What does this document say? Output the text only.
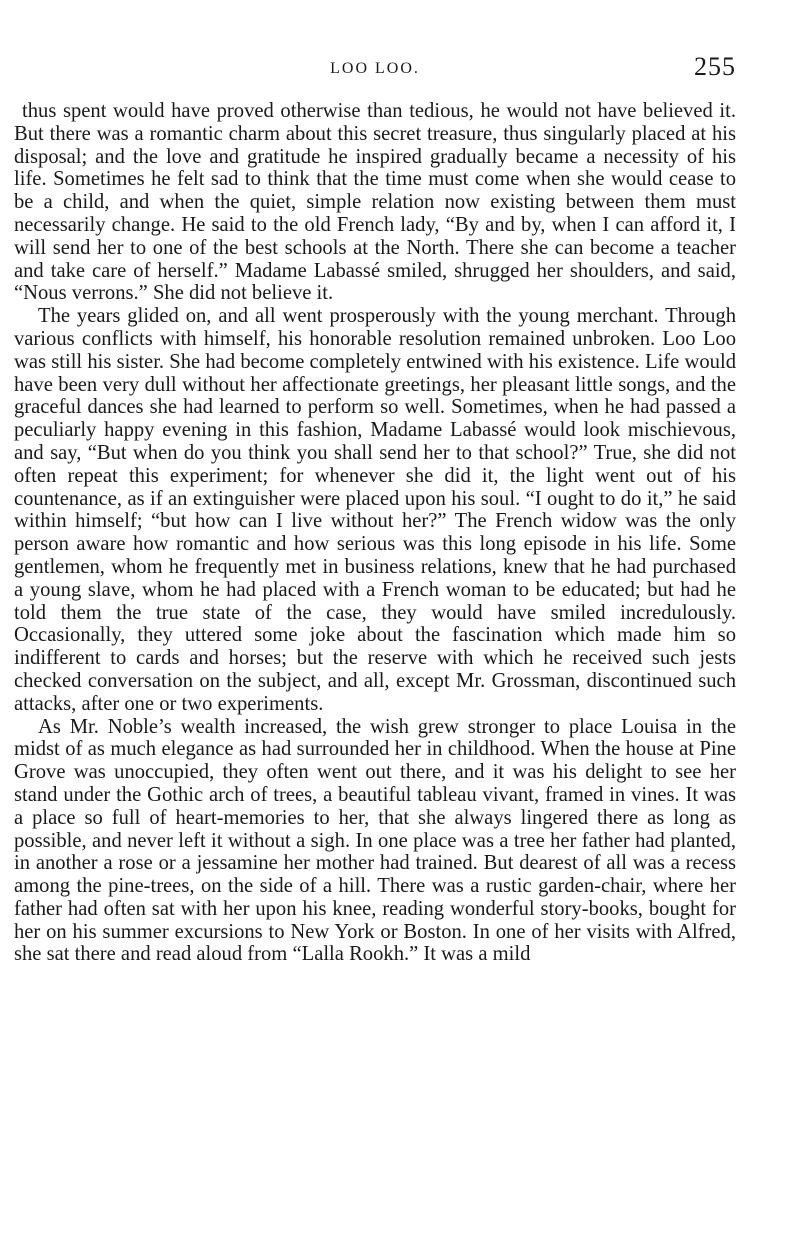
LOO LOO.	255

thus spent would have proved otherwise than tedious, he would not have believed it. But there was a romantic charm about this secret treasure, thus singularly placed at his disposal; and the love and gratitude he inspired gradually became a necessity of his life. Sometimes he felt sad to think that the time must come when she would cease to be a child, and when the quiet, simple relation now existing between them must necessarily change. He said to the old French lady, “By and by, when I can afford it, I will send her to one of the best schools at the North. There she can become a teacher and take care of herself.” Madame Labassé smiled, shrugged her shoulders, and said, “Nous verrons.” She did not believe it.

The years glided on, and all went prosperously with the young merchant. Through various conflicts with himself, his honorable resolution remained unbroken. Loo Loo was still his sister. She had become completely entwined with his existence. Life would have been very dull without her affectionate greetings, her pleasant little songs, and the graceful dances she had learned to perform so well. Sometimes, when he had passed a peculiarly happy evening in this fashion, Madame Labassé would look mischievous, and say, “But when do you think you shall send her to that school?” True, she did not often repeat this experiment; for whenever she did it, the light went out of his countenance, as if an extinguisher were placed upon his soul. “I ought to do it,” he said within himself; “but how can I live without her?” The French widow was the only person aware how romantic and how serious was this long episode in his life. Some gentlemen, whom he frequently met in business relations, knew that he had purchased a young slave, whom he had placed with a French woman to be educated; but had he told them the true state of the case, they would have smiled incredulously. Occasionally, they uttered some joke about the fascination which made him so indifferent to cards and horses; but the reserve with which he received such jests checked conversation on the subject, and all, except Mr. Grossman, discontinued such attacks, after one or two experiments.

As Mr. Noble’s wealth increased, the wish grew stronger to place Louisa in the midst of as much elegance as had surrounded her in childhood. When the house at Pine Grove was unoccupied, they often went out there, and it was his delight to see her stand under the Gothic arch of trees, a beautiful tableau vivant, framed in vines. It was a place so full of heart-memories to her, that she always lingered there as long as possible, and never left it without a sigh. In one place was a tree her father had planted, in another a rose or a jessamine her mother had trained. But dearest of all was a recess among the pine-trees, on the side of a hill. There was a rustic garden-chair, where her father had often sat with her upon his knee, reading wonderful story-books, bought for her on his summer excursions to New York or Boston. In one of her visits with Alfred, she sat there and read aloud from “Lalla Rookh.” It was a mild
